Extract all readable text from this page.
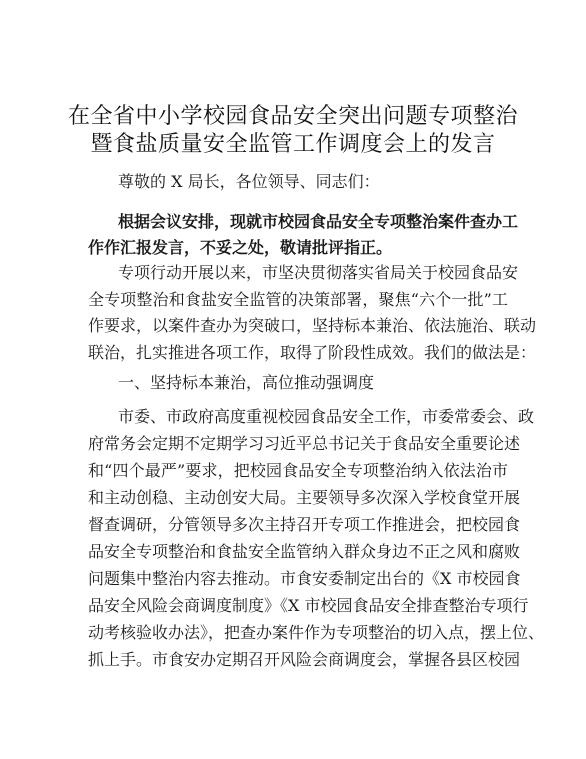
在全省中小学校园食品安全突出问题专项整治
暨食盐质量安全监管工作调度会上的发言
尊敬的 X 局长，各位领导、同志们：
根据会议安排，现就市校园食品安全专项整治案件查办工
作作汇报发言，不妥之处，敬请批评指正。
专项行动开展以来，市坚决贯彻落实省局关于校园食品安
全专项整治和食盐安全监管的决策部署，聚焦“六个一批”工
作要求，以案件查办为突破口，坚持标本兼治、依法施治、联动
联治，扎实推进各项工作，取得了阶段性成效。我们的做法是：
一、坚持标本兼治，高位推动强调度
市委、市政府高度重视校园食品安全工作，市委常委会、政
府常务会定期不定期学习习近平总书记关于食品安全重要论述
和“四个最严”要求，把校园食品安全专项整治纳入依法治市
和主动创稳、主动创安大局。主要领导多次深入学校食堂开展
督查调研，分管领导多次主持召开专项工作推进会，把校园食
品安全专项整治和食盐安全监管纳入群众身边不正之风和腐败
问题集中整治内容去推动。市食安委制定出台的《X 市校园食
品安全风险会商调度制度》《X 市校园食品安全排查整治专项行
动考核验收办法》，把查办案件作为专项整治的切入点，摆上位、
抓上手。市食安办定期召开风险会商调度会，掌握各县区校园
